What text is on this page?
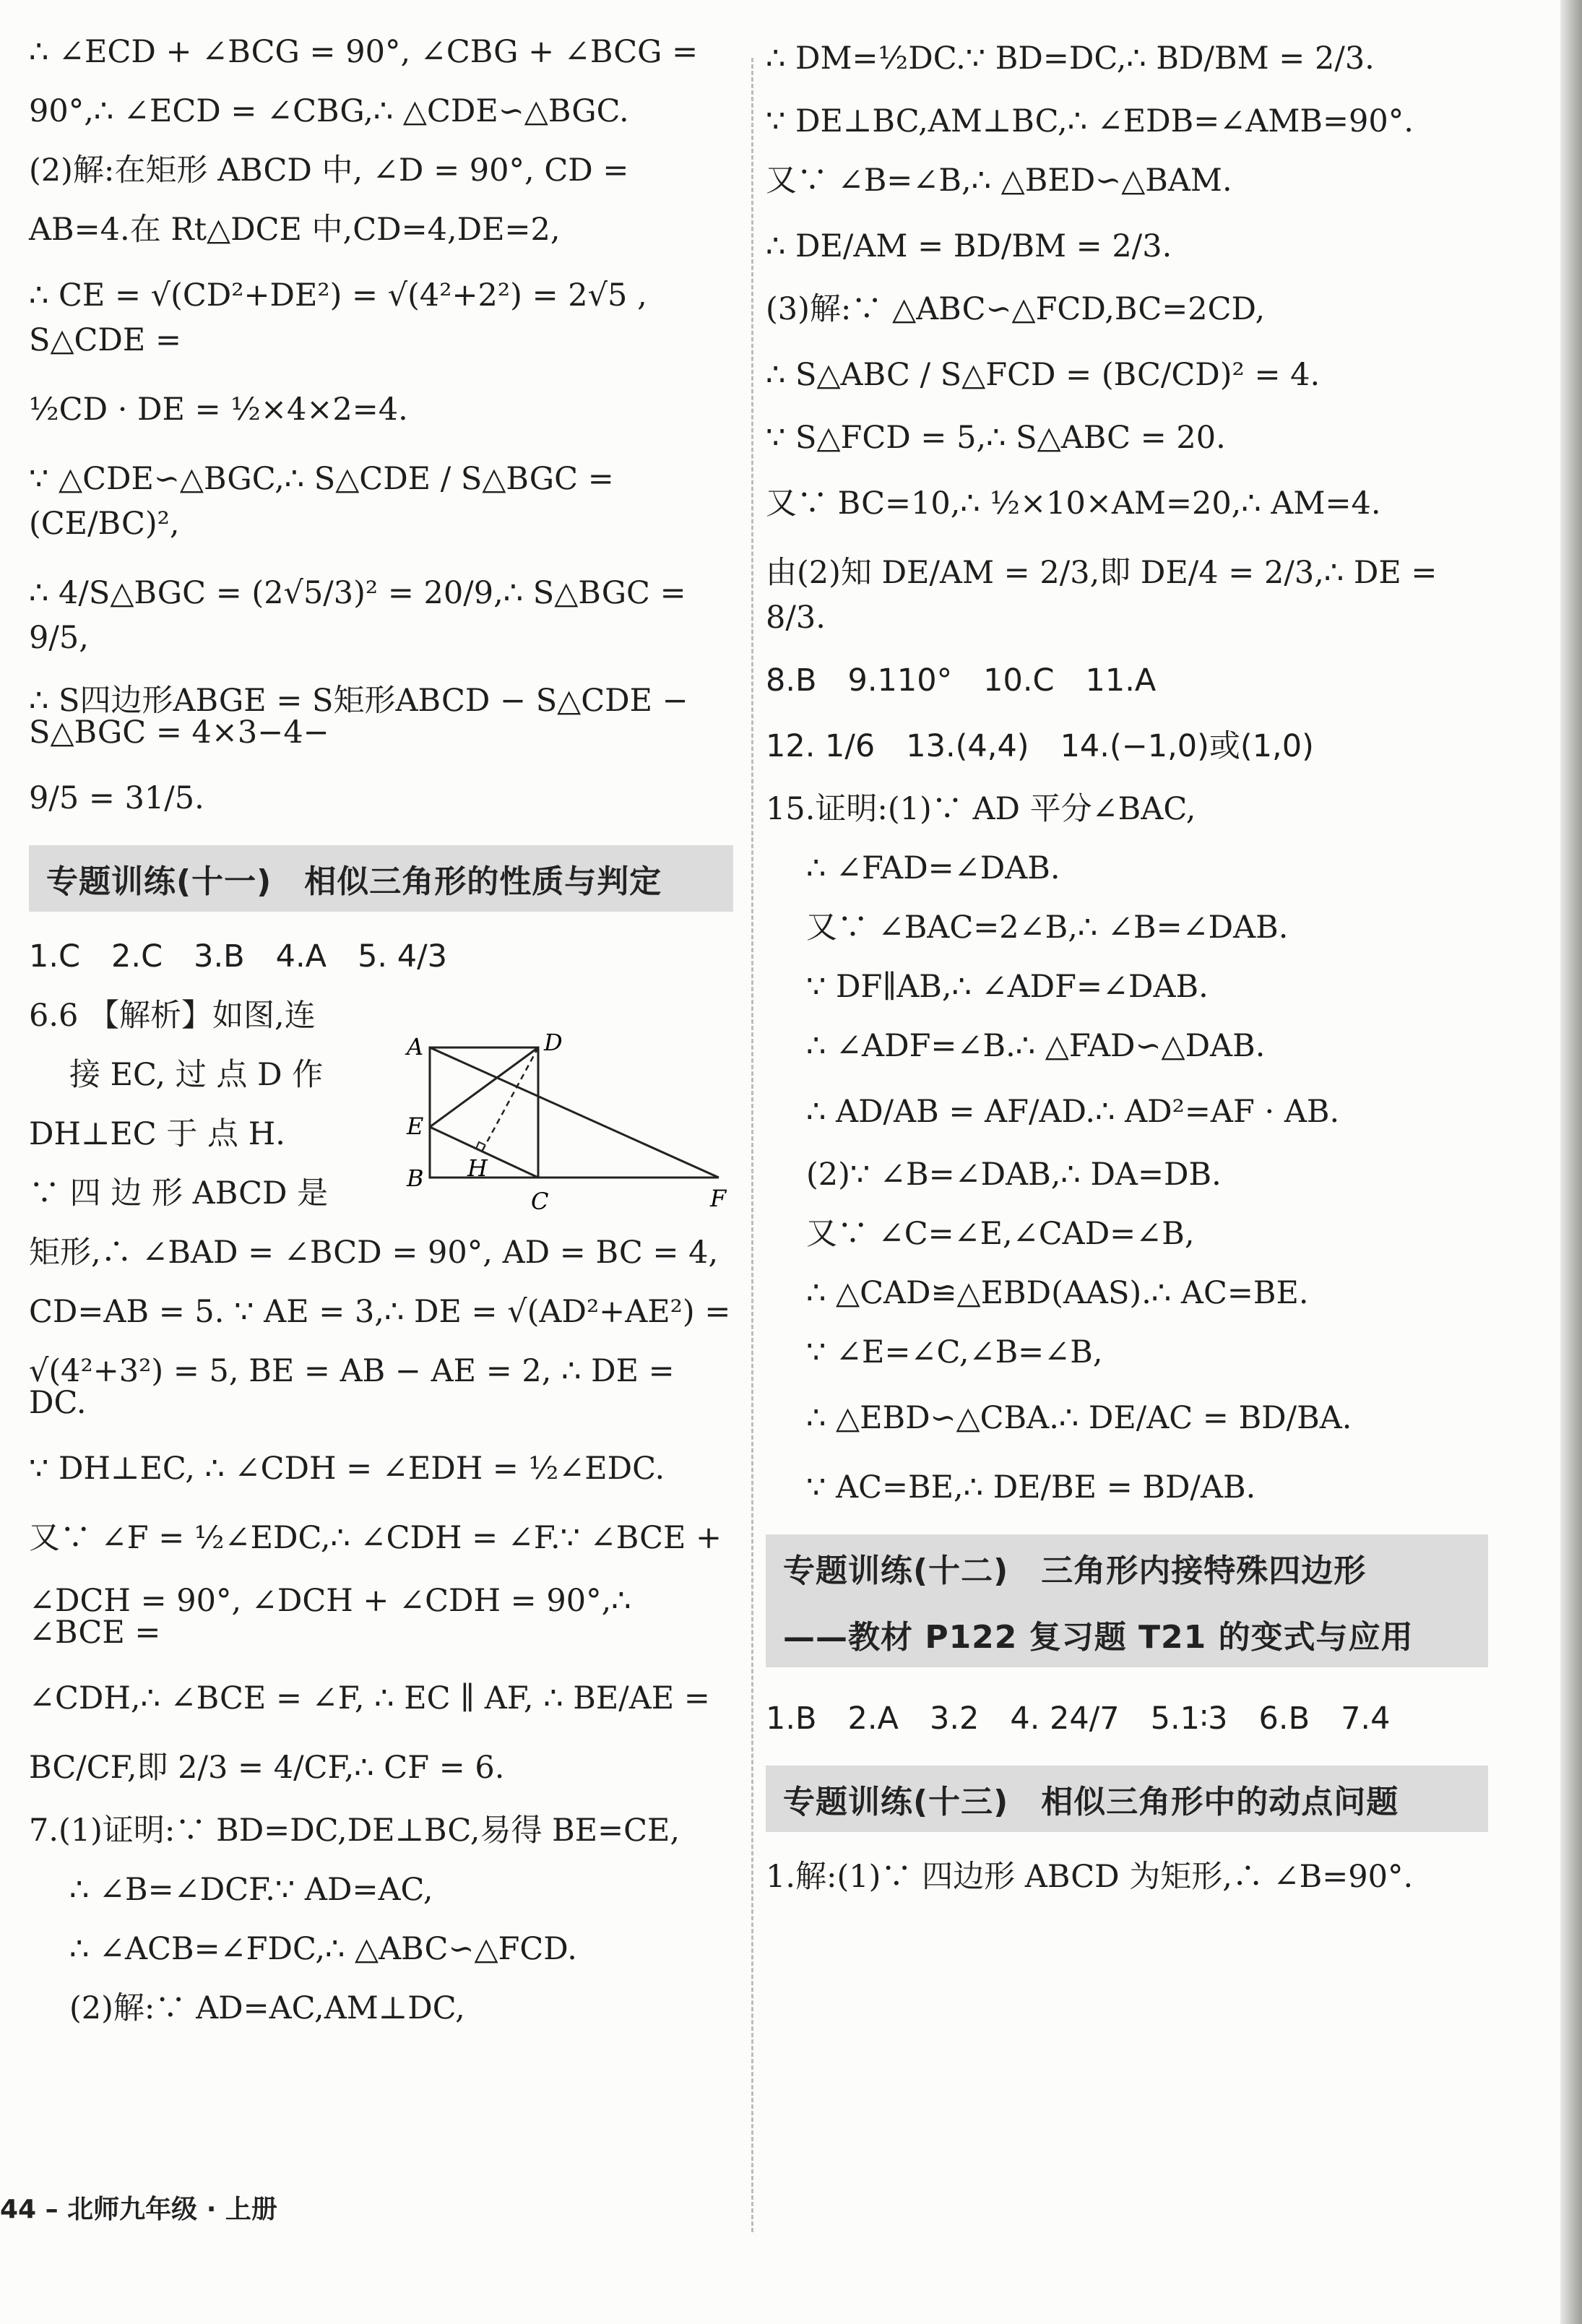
∴ ∠ECD + ∠BCG = 90°, ∠CBG + ∠BCG =
90°,∴ ∠ECD = ∠CBG,∴ △CDE∽△BGC.
(2)解:在矩形 ABCD 中, ∠D = 90°, CD =
AB=4.在 Rt△DCE 中,CD=4,DE=2,
∴ CE = √(CD²+DE²) = √(4²+2²) = 2√5 , S△CDE =
½CD · DE = ½×4×2=4.
∵ △CDE∽△BGC,∴ S△CDE / S△BGC = (CE/BC)²,
∴ 4/S△BGC = (2√5/3)² = 20/9,∴ S△BGC = 9/5,
∴ S四边形ABGE = S矩形ABCD − S△CDE − S△BGC = 4×3−4−
9/5 = 31/5.
专题训练(十一)　相似三角形的性质与判定
1.C　2.C　3.B　4.A　5. 4/3
6.6 【解析】如图,连
接 EC, 过 点 D 作
DH⊥EC 于 点 H.
∵ 四 边 形 ABCD 是
矩形,∴ ∠BAD = ∠BCD = 90°, AD = BC = 4,
CD=AB = 5. ∵ AE = 3,∴ DE = √(AD²+AE²) =
√(4²+3²) = 5, BE = AB − AE = 2, ∴ DE = DC.
∵ DH⊥EC, ∴ ∠CDH = ∠EDH = ½∠EDC.
又∵ ∠F = ½∠EDC,∴ ∠CDH = ∠F.∵ ∠BCE +
∠DCH = 90°, ∠DCH + ∠CDH = 90°,∴ ∠BCE =
∠CDH,∴ ∠BCE = ∠F, ∴ EC ∥ AF, ∴ BE/AE =
BC/CF,即 2/3 = 4/CF,∴ CF = 6.
7.(1)证明:∵ BD=DC,DE⊥BC,易得 BE=CE,
∴ ∠B=∠DCF.∵ AD=AC,
∴ ∠ACB=∠FDC,∴ △ABC∽△FCD.
(2)解:∵ AD=AC,AM⊥DC,
A	D
E
H
B
C	F
∴ DM=½DC.∵ BD=DC,∴ BD/BM = 2/3.
∵ DE⊥BC,AM⊥BC,∴ ∠EDB=∠AMB=90°.
又∵ ∠B=∠B,∴ △BED∽△BAM.
∴ DE/AM = BD/BM = 2/3.
(3)解:∵ △ABC∽△FCD,BC=2CD,
∴ S△ABC / S△FCD = (BC/CD)² = 4.
∵ S△FCD = 5,∴ S△ABC = 20.
又∵ BC=10,∴ ½×10×AM=20,∴ AM=4.
由(2)知 DE/AM = 2/3,即 DE/4 = 2/3,∴ DE = 8/3.
8.B　9.110°　10.C　11.A
12. 1/6　13.(4,4)　14.(−1,0)或(1,0)
15.证明:(1)∵ AD 平分∠BAC,
∴ ∠FAD=∠DAB.
又∵ ∠BAC=2∠B,∴ ∠B=∠DAB.
∵ DF∥AB,∴ ∠ADF=∠DAB.
∴ ∠ADF=∠B.∴ △FAD∽△DAB.
∴ AD/AB = AF/AD.∴ AD²=AF · AB.
(2)∵ ∠B=∠DAB,∴ DA=DB.
又∵ ∠C=∠E,∠CAD=∠B,
∴ △CAD≌△EBD(AAS).∴ AC=BE.
∵ ∠E=∠C,∠B=∠B,
∴ △EBD∽△CBA.∴ DE/AC = BD/BA.
∵ AC=BE,∴ DE/BE = BD/AB.
专题训练(十二)　三角形内接特殊四边形
——教材 P122 复习题 T21 的变式与应用
1.B　2.A　3.2　4. 24/7　5.1∶3　6.B　7.4
专题训练(十三)　相似三角形中的动点问题
1.解:(1)∵ 四边形 ABCD 为矩形,∴ ∠B=90°.
44 – 北师九年级 · 上册
